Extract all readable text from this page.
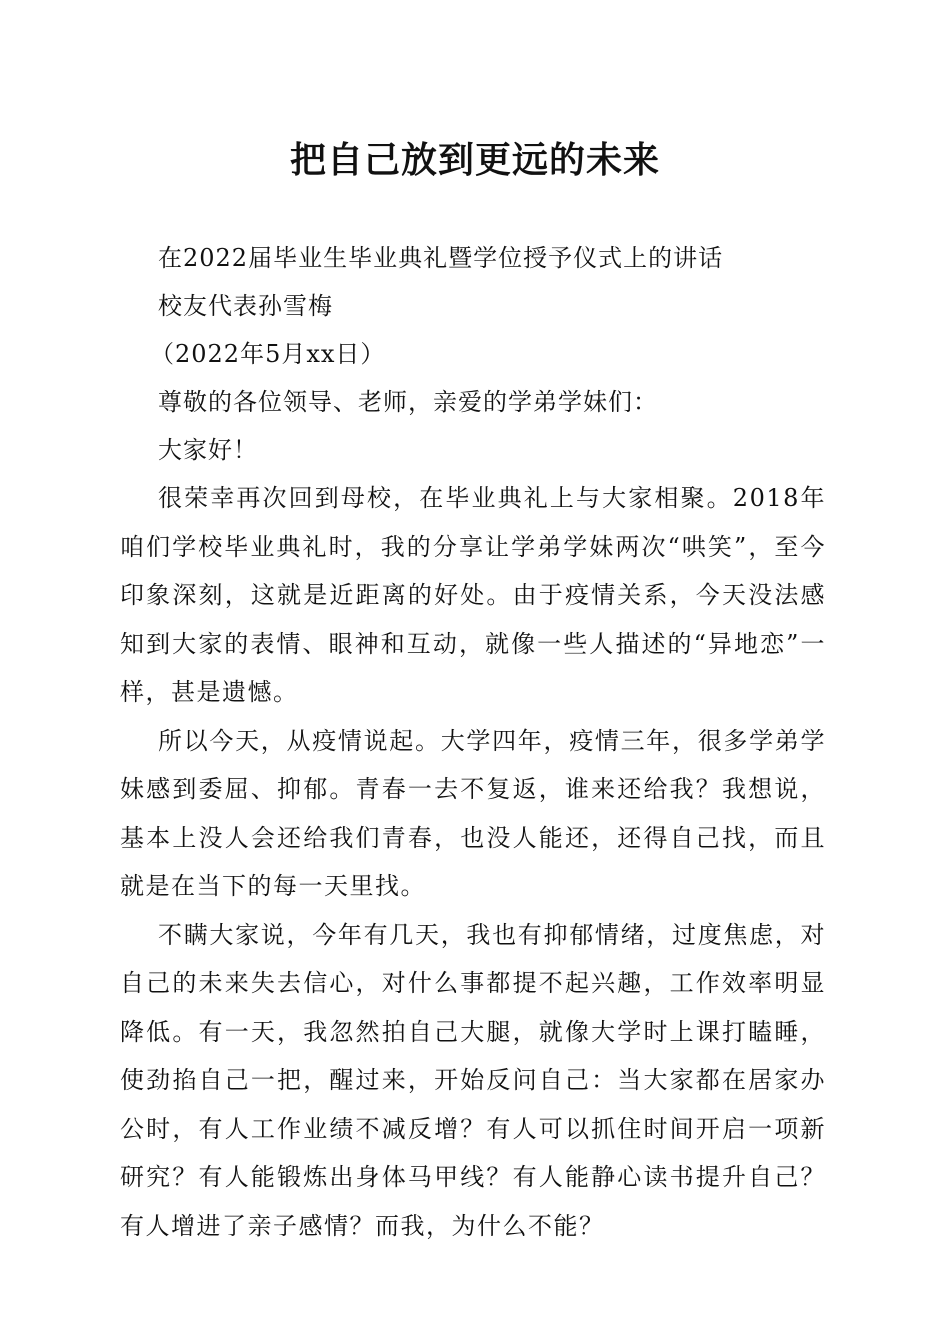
把自己放到更远的未来
在2022届毕业生毕业典礼暨学位授予仪式上的讲话
校友代表孙雪梅
（2022年5月xx日）
尊敬的各位领导、老师，亲爱的学弟学妹们：
大家好！

很荣幸再次回到母校，在毕业典礼上与大家相聚。2018年咱们学校毕业典礼时，我的分享让学弟学妹两次“哄笑”，至今印象深刻，这就是近距离的好处。由于疫情关系，今天没法感知到大家的表情、眼神和互动，就像一些人描述的“异地恋”一样，甚是遗憾。

所以今天，从疫情说起。大学四年，疫情三年，很多学弟学妹感到委屈、抑郁。青春一去不复返，谁来还给我？我想说，基本上没人会还给我们青春，也没人能还，还得自己找，而且就是在当下的每一天里找。

不瞒大家说，今年有几天，我也有抑郁情绪，过度焦虑，对自己的未来失去信心，对什么事都提不起兴趣，工作效率明显降低。有一天，我忽然拍自己大腿，就像大学时上课打瞌睡，使劲掐自己一把，醒过来，开始反问自己：当大家都在居家办公时，有人工作业绩不减反增？有人可以抓住时间开启一项新研究？有人能锻炼出身体马甲线？有人能静心读书提升自己？有人增进了亲子感情？而我，为什么不能？
